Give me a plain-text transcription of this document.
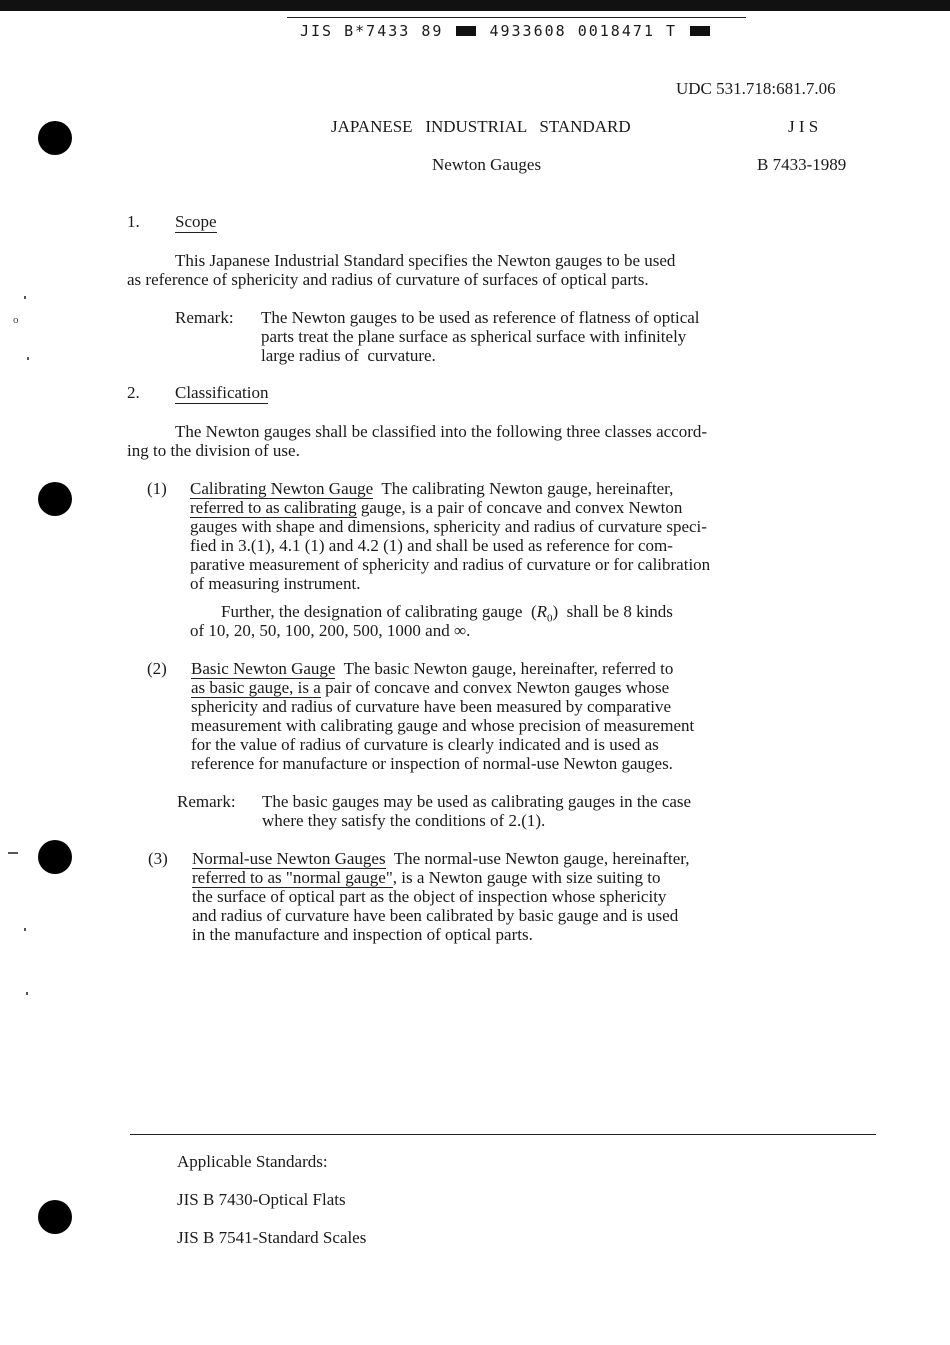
JIS B*7433 89	4933608 0018471 T
o
UDC 531.718:681.7.06
JAPANESE   INDUSTRIAL   STANDARD	J I S
Newton Gauges	B 7433-1989
1. Scope
This Japanese Industrial Standard specifies the Newton gauges to be used
as reference of sphericity and radius of curvature of surfaces of optical parts.
Remark: The Newton gauges to be used as reference of flatness of optical
parts treat the plane surface as spherical surface with infinitely
large radius of  curvature.
2. Classification
The Newton gauges shall be classified into the following three classes accord-
ing to the division of use.
(1) Calibrating Newton Gauge  The calibrating Newton gauge, hereinafter,
referred to as calibrating gauge, is a pair of concave and convex Newton
gauges with shape and dimensions, sphericity and radius of curvature speci-
fied in 3.(1), 4.1 (1) and 4.2 (1) and shall be used as reference for com-
parative measurement of sphericity and radius of curvature or for calibration
of measuring instrument.
Further, the designation of calibrating gauge  $(R_0)$  shall be 8 kinds
of 10, 20, 50, 100, 200, 500, 1000 and ∞.
(2) Basic Newton Gauge  The basic Newton gauge, hereinafter, referred to
as basic gauge, is a pair of concave and convex Newton gauges whose
sphericity and radius of curvature have been measured by comparative
measurement with calibrating gauge and whose precision of measurement
for the value of radius of curvature is clearly indicated and is used as
reference for manufacture or inspection of normal-use Newton gauges.
Remark: The basic gauges may be used as calibrating gauges in the case
where they satisfy the conditions of 2.(1).
(3) Normal-use Newton Gauges  The normal-use Newton gauge, hereinafter,
referred to as "normal gauge", is a Newton gauge with size suiting to
the surface of optical part as the object of inspection whose sphericity
and radius of curvature have been calibrated by basic gauge and is used
in the manufacture and inspection of optical parts.
Applicable Standards:
JIS B 7430-Optical Flats
JIS B 7541-Standard Scales
